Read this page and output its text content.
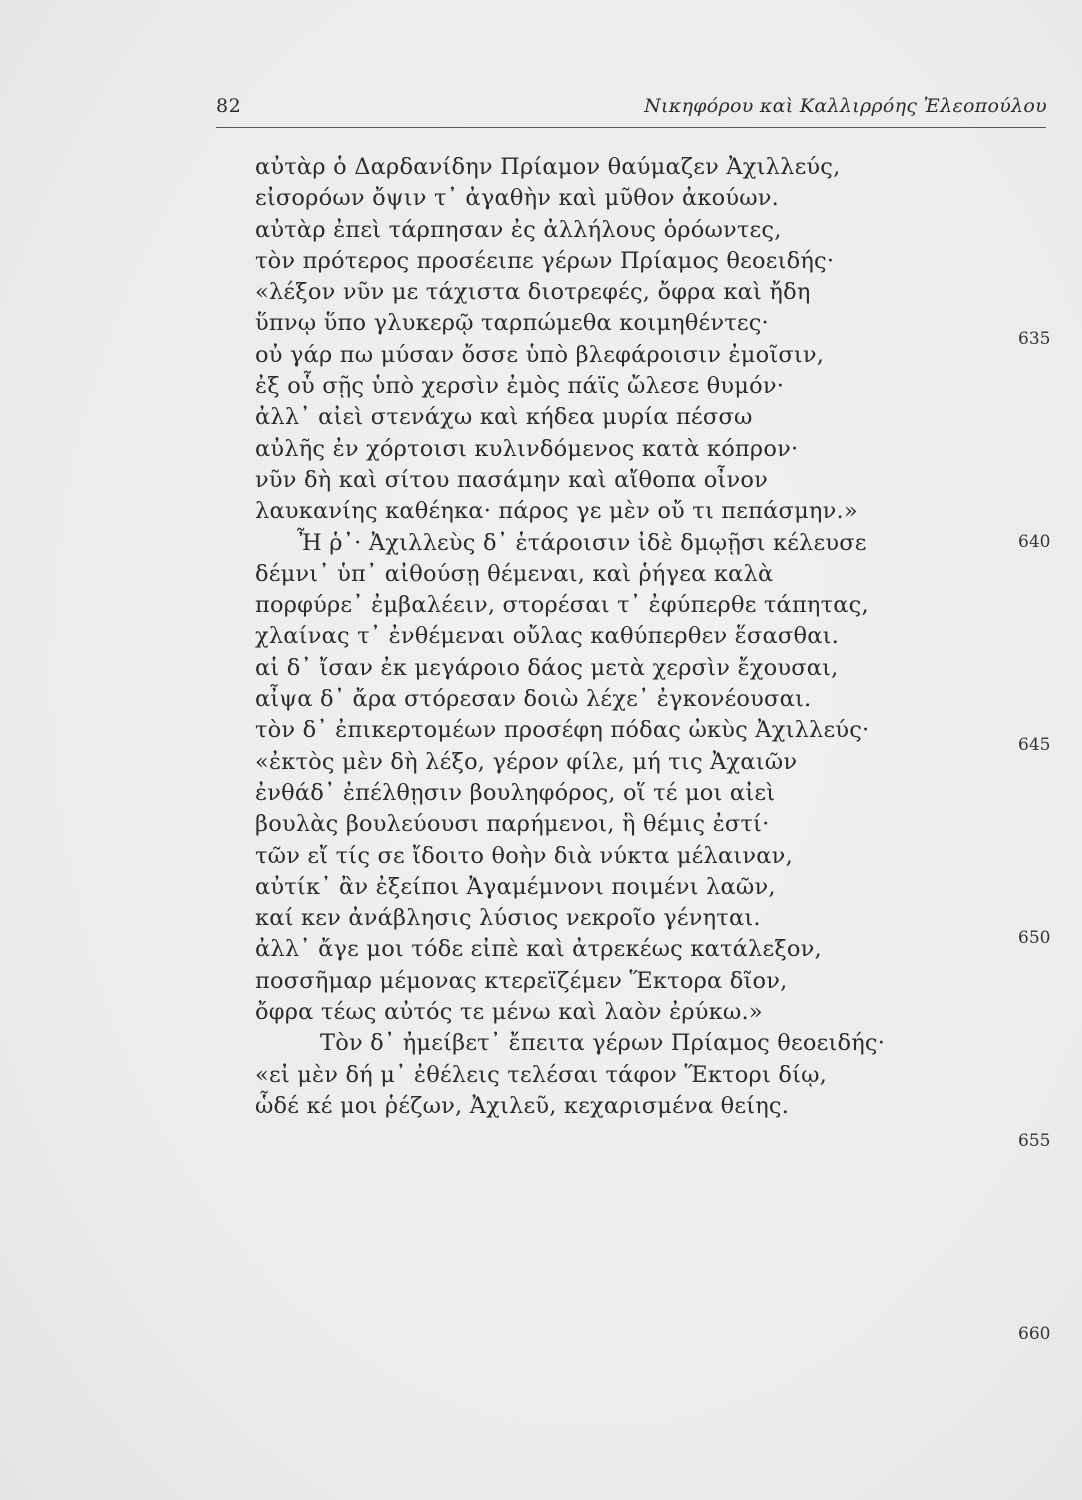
82	Νικηφόρου καὶ Καλλιρρόης Ἐλεοπούλου
αὐτὰρ ὁ Δαρδανίδην Πρίαμον θαύμαζεν Ἀχιλλεύς,
εἰσορόων ὄψιν τ᾿ ἀγαθὴν καὶ μῦθον ἀκούων.
αὐτὰρ ἐπεὶ τάρπησαν ἐς ἀλλήλους ὁρόωντες,
τὸν πρότερος προσέειπε γέρων Πρίαμος θεοειδής·
«λέξον νῦν με τάχιστα διοτρεφές, ὄφρα καὶ ἤδη
ὕπνῳ ὕπο γλυκερῷ ταρπώμεθα κοιμηθέντες·
οὐ γάρ πω μύσαν ὄσσε ὑπὸ βλεφάροισιν ἐμοῖσιν,
ἐξ οὗ σῇς ὑπὸ χερσὶν ἐμὸς πάϊς ὤλεσε θυμόν·
ἀλλ᾿ αἰεὶ στενάχω καὶ κήδεα μυρία πέσσω
αὐλῆς ἐν χόρτοισι κυλινδόμενος κατὰ κόπρον·
νῦν δὴ καὶ σίτου πασάμην καὶ αἴθοπα οἶνον
λαυκανίης καθέηκα· πάρος γε μὲν οὔ τι πεπάσμην.»
Ἦ ῥ᾿· Ἀχιλλεὺς δ᾿ ἑτάροισιν ἰδὲ δμῳῇσι κέλευσε
δέμνι᾿ ὑπ᾿ αἰθούσῃ θέμεναι, καὶ ῥήγεα καλὰ
πορφύρε᾿ ἐμβαλέειν, στορέσαι τ᾿ ἐφύπερθε τάπητας,
χλαίνας τ᾿ ἐνθέμεναι οὔλας καθύπερθεν ἕσασθαι.
αἱ δ᾿ ἴσαν ἐκ μεγάροιο δάος μετὰ χερσὶν ἔχουσαι,
αἶψα δ᾿ ἄρα στόρεσαν δοιὼ λέχε᾿ ἐγκονέουσαι.
τὸν δ᾿ ἐπικερτομέων προσέφη πόδας ὠκὺς Ἀχιλλεύς·
«ἐκτὸς μὲν δὴ λέξο, γέρον φίλε, μή τις Ἀχαιῶν
ἐνθάδ᾿ ἐπέλθῃσιν βουληφόρος, οἵ τέ μοι αἰεὶ
βουλὰς βουλεύουσι παρήμενοι, ἣ θέμις ἐστί·
τῶν εἴ τίς σε ἴδοιτο θοὴν διὰ νύκτα μέλαιναν,
αὐτίκ᾿ ἂν ἐξείποι Ἀγαμέμνονι ποιμένι λαῶν,
καί κεν ἀνάβλησις λύσιος νεκροῖο γένηται.
ἀλλ᾿ ἄγε μοι τόδε εἰπὲ καὶ ἀτρεκέως κατάλεξον,
ποσσῆμαρ μέμονας κτερεϊζέμεν Ἕκτορα δῖον,
ὄφρα τέως αὐτός τε μένω καὶ λαὸν ἐρύκω.»
Τὸν δ᾿ ἠμείβετ᾿ ἔπειτα γέρων Πρίαμος θεοειδής·
«εἰ μὲν δή μ᾿ ἐθέλεις τελέσαι τάφον Ἕκτορι δίῳ,
ὧδέ κέ μοι ῥέζων, Ἀχιλεῦ, κεχαρισμένα θείης.
635
640
645
650
655
660
